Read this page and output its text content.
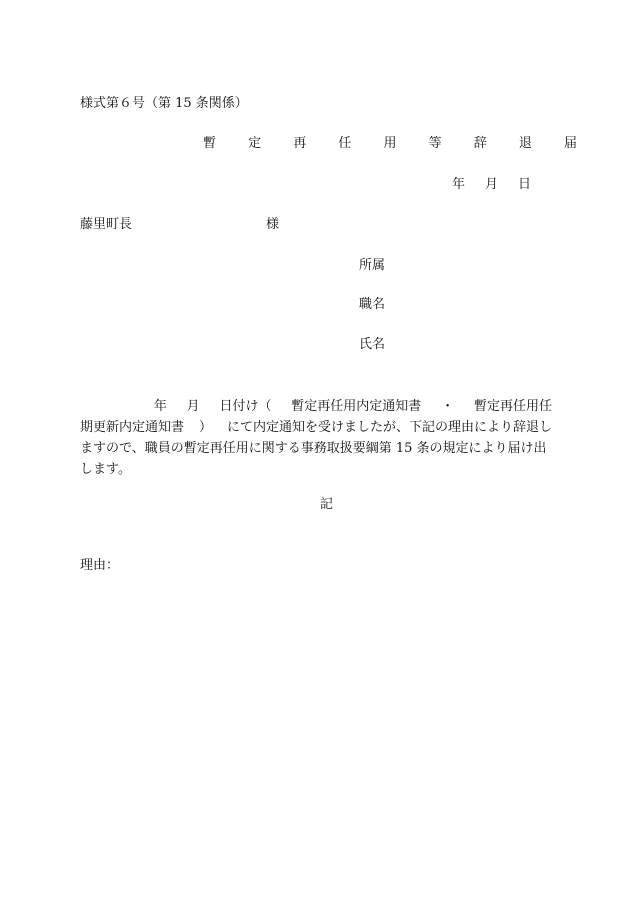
様式第６号（第 15 条関係）
暫 定 再 任 用 等 辞 退 届
年 月 日
藤里町長	様
所属
職名
氏名
年 月 日付け（ 暫定再任用内定通知書 ・ 暫定再任用任
期更新内定通知書 ） にて内定通知を受けましたが、下記の理由により辞退し
ますので、職員の暫定再任用に関する事務取扱要綱第 15 条の規定により届け出
します。
記
理由：
